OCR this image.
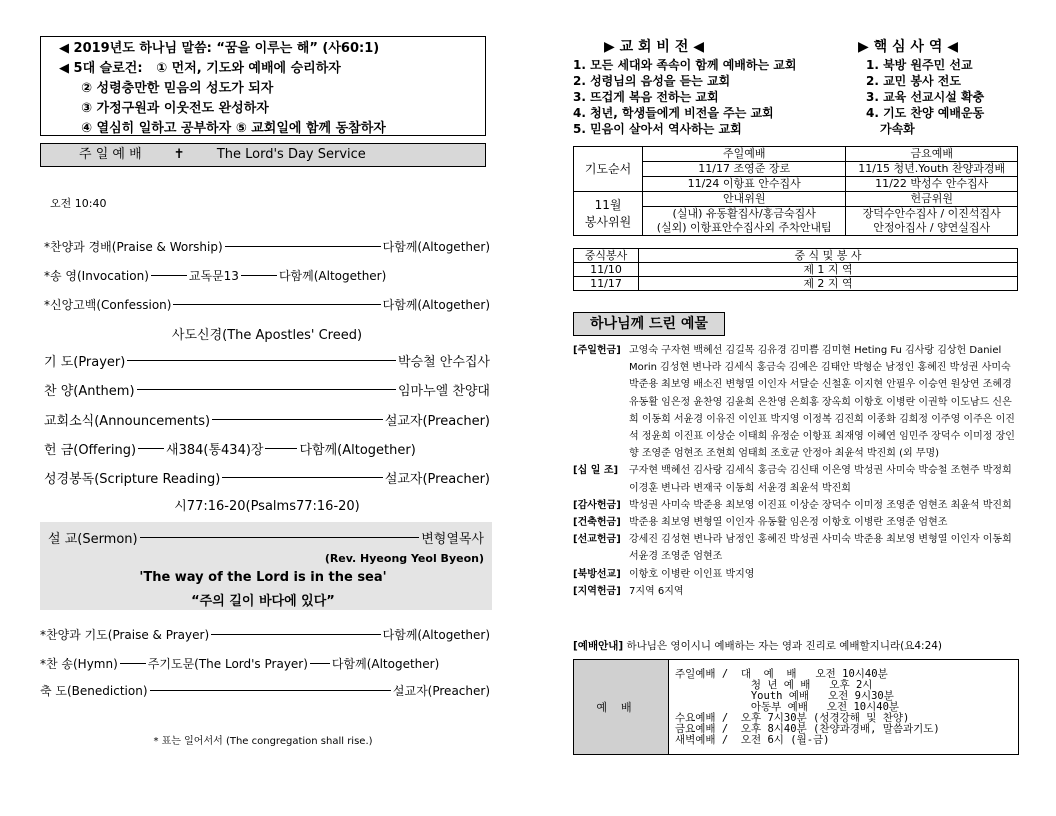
◀ 2019년도 하나님 말씀: “꿈을 이루는 해” (사60:1)
◀ 5대 슬로건: ① 먼저, 기도와 예배에 승리하자
② 성령충만한 믿음의 성도가 되자
③ 가정구원과 이웃전도 완성하자
④ 열심히 일하고 공부하자 ⑤ 교회일에 함께 동참하자
주 일 예 배 ✝ The Lord's Day Service
오전 10:40
*찬양과 경배(Praise & Worship)	다함께(Altogether)
*송 영(Invocation)	교독문13	다함께(Altogether)
*신앙고백(Confession)	다함께(Altogether)
사도신경(The Apostles' Creed)
기 도(Prayer)	박승철 안수집사
찬 양(Anthem)	임마누엘 찬양대
교회소식(Announcements)	설교자(Preacher)
헌 금(Offering) 새384(통434)장	다함께(Altogether)
성경봉독(Scripture Reading)	설교자(Preacher)
시77:16-20(Psalms77:16-20)
설 교(Sermon)	변형열목사
(Rev. Hyeong Yeol Byeon)
'The way of the Lord is in the sea'
“주의 길이 바다에 있다”
*찬양과 기도(Praise & Prayer)	다함께(Altogether)
*찬 송(Hymn)	주기도문(The Lord's Prayer) 다함께(Altogether)
축 도(Benediction)	설교자(Preacher)
* 표는 일어서서 (The congregation shall rise.)
▶ 교 회 비 전 ◀
1. 모든 세대와 족속이 함께 예배하는 교회
2. 성령님의 음성을 듣는 교회
3. 뜨겁게 복음 전하는 교회
4. 청년, 학생들에게 비전을 주는 교회
5. 믿음이 살아서 역사하는 교회
▶ 핵 심 사 역 ◀
1. 북방 원주민 선교
2. 교민 봉사 전도
3. 교육 선교시설 확충
4. 기도 찬양 예배운동
가속화
기도순서	주일예배	금요예배
	11/17 조영준 장로	11/15 청년.Youth 찬양과경배
	11/24 이항표 안수집사	11/22 박성수 안수집사

11월
봉사위원	안내위원	헌금위원
	(실내) 유동활집사/홍금숙집사	장덕수안수집사 / 이진석집사
	(실외) 이항표안수집사외 주차안내팀	안정아집사 / 양연실집사
중식봉사	중 식 및 봉 사
11/10	제 1 지 역
11/17	제 2 지 역
하나님께 드린 예물
[주일헌금] 고영숙 구자현 백혜선 김길목 김유경 김미쁨 김미현 Heting Fu 김사랑 김상헌 Daniel Morin 김성현 변나라 김세식 홍금숙 김예은 김태안 박형순 남정인 홍혜진 박성권 사미숙 박준용 최보영 배소진 변형열 이인자 서달순 신철훈 이지현 안필우 이승연 원상연 조혜경 유동활 임은정 윤찬영 김윤희 은찬영 은희홍 장옥희 이항호 이병란 이권학 이도남드 신은희 이동희 서윤경 이유진 이인표 박지영 이정복 김진희 이종화 김희정 이주영 이주은 이진석 정윤희 이진표 이상순 이태희 유정순 이항표 최재영 이혜연 임민주 장덕수 이미정 장인향 조영준 엄현조 조현희 엄태희 조호균 안정아 최윤석 박진희 (외 무명)
[십 일 조]	구자현 백혜선 김사랑 김세식 홍금숙 김신태 이은영 박성권 사미숙 박승철 조현주 박정희 이경훈 변나라 변재국 이동희 서윤경 최윤석 박진희
[감사헌금] 박성권 사미숙 박준용 최보영 이진표 이상순 장덕수 이미정 조영준 엄현조 최윤석 박진희
[건축헌금] 박준용 최보영 변형열 이인자 유동활 임은정 이항호 이병란 조영준 엄현조
[선교헌금] 강세진 김성현 변나라 남정인 홍혜진 박성권 사미숙 박준용 최보영 변형열 이인자 이동희 서윤경 조영준 엄현조
[북방선교] 이항호 이병란 이인표 박지영
[지역헌금] 7지역 6지역
[예배안내] 하나님은 영이시니 예배하는 자는 영과 진리로 예배할지니라(요4:24)
예배	
주일예배 /  대  예  배   오전 10시40분
청 년 예 배   오후 2시
Youth 예배   오전 9시30분
아동부 예배   오전 10시40분
수요예배 /  오후 7시30분 (성경강해 및 찬양)
금요예배 /  오후 8시40분 (찬양과경배, 말씀과기도)
새벽예배 /  오전 6시 (월-금)
